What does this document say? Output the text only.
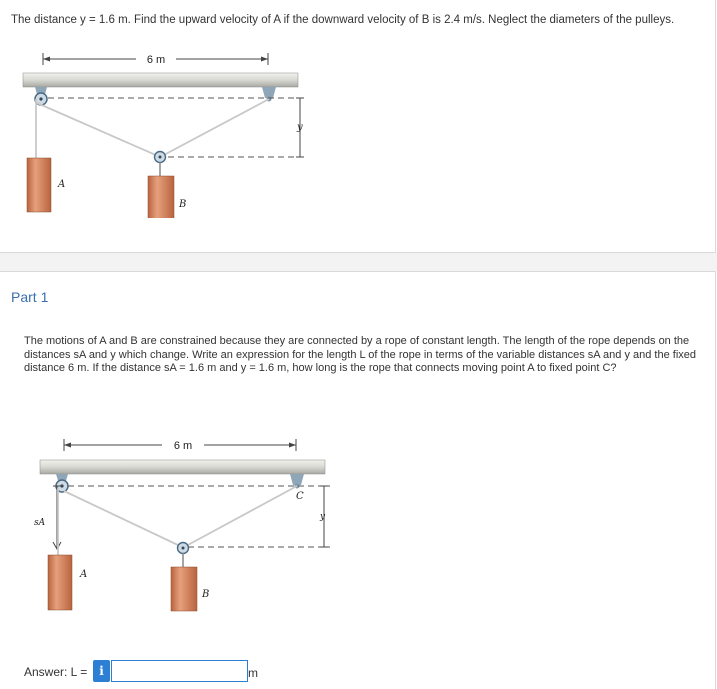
The distance y = 1.6 m. Find the upward velocity of A if the downward velocity of B is 2.4 m/s. Neglect the diameters of the pulleys.
6 m
y
A
B
Part 1
The motions of A and B are constrained because they are connected by a rope of constant length. The length of the rope depends on the distances sA and y which change. Write an expression for the length L of the rope in terms of the variable distances sA and y and the fixed distance 6 m. If the distance sA = 1.6 m and y = 1.6 m, how long is the rope that connects moving point A to fixed point C?
6 m
C
y
sA
A
B
Answer: L = i	m
